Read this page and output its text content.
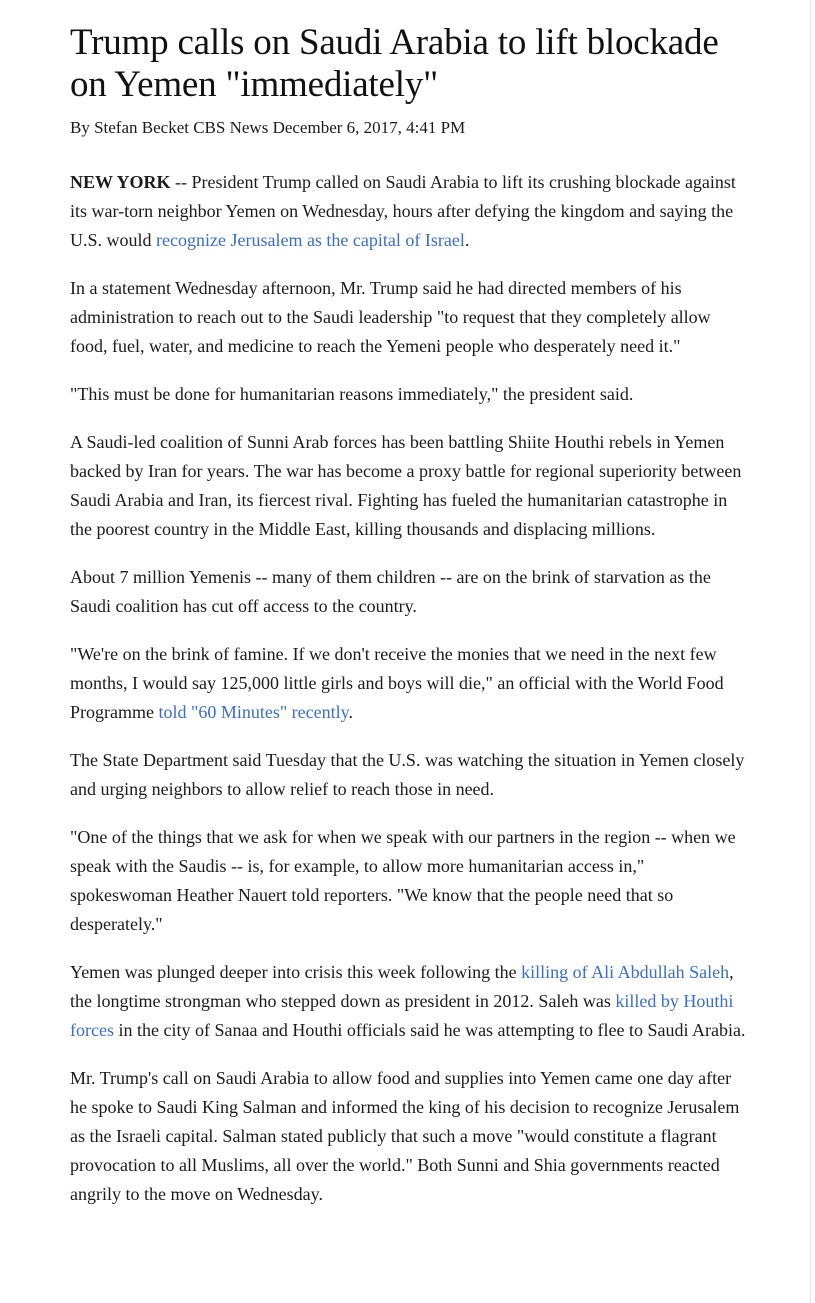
Trump calls on Saudi Arabia to lift blockade on Yemen "immediately"
By Stefan Becket CBS News December 6, 2017, 4:41 PM

NEW YORK -- President Trump called on Saudi Arabia to lift its crushing blockade against its war-torn neighbor Yemen on Wednesday, hours after defying the kingdom and saying the U.S. would recognize Jerusalem as the capital of Israel.

In a statement Wednesday afternoon, Mr. Trump said he had directed members of his administration to reach out to the Saudi leadership "to request that they completely allow food, fuel, water, and medicine to reach the Yemeni people who desperately need it."

"This must be done for humanitarian reasons immediately," the president said.

A Saudi-led coalition of Sunni Arab forces has been battling Shiite Houthi rebels in Yemen backed by Iran for years. The war has become a proxy battle for regional superiority between Saudi Arabia and Iran, its fiercest rival. Fighting has fueled the humanitarian catastrophe in the poorest country in the Middle East, killing thousands and displacing millions.

About 7 million Yemenis -- many of them children -- are on the brink of starvation as the Saudi coalition has cut off access to the country.

"We're on the brink of famine. If we don't receive the monies that we need in the next few months, I would say 125,000 little girls and boys will die," an official with the World Food Programme told "60 Minutes" recently.

The State Department said Tuesday that the U.S. was watching the situation in Yemen closely and urging neighbors to allow relief to reach those in need.

"One of the things that we ask for when we speak with our partners in the region -- when we speak with the Saudis -- is, for example, to allow more humanitarian access in," spokeswoman Heather Nauert told reporters. "We know that the people need that so desperately."

Yemen was plunged deeper into crisis this week following the killing of Ali Abdullah Saleh, the longtime strongman who stepped down as president in 2012. Saleh was killed by Houthi forces in the city of Sanaa and Houthi officials said he was attempting to flee to Saudi Arabia.

Mr. Trump's call on Saudi Arabia to allow food and supplies into Yemen came one day after he spoke to Saudi King Salman and informed the king of his decision to recognize Jerusalem as the Israeli capital. Salman stated publicly that such a move "would constitute a flagrant provocation to all Muslims, all over the world." Both Sunni and Shia governments reacted angrily to the move on Wednesday.
